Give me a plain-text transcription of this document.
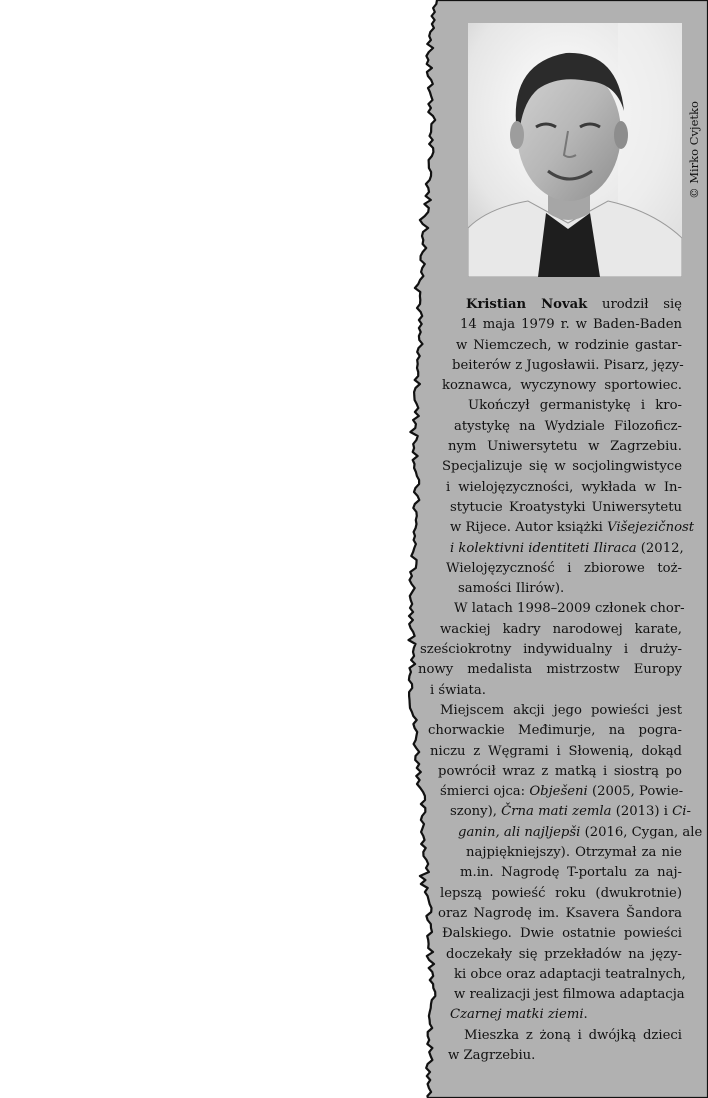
© Mirko Cvjetko
Kristian Novak urodził się
14 maja 1979 r. w Baden-Baden
w Niemczech, w rodzinie gastar-
beiterów z Jugosławii. Pisarz, języ-
koznawca, wyczynowy sportowiec.
Ukończył germanistykę i kro-
atystykę na Wydziale Filozoficz-
nym Uniwersytetu w Zagrzebiu.
Specjalizuje się w socjolingwistyce
i wielojęzyczności, wykłada w In-
stytucie Kroatystyki Uniwersytetu
w Rijece. Autor książki Višejezičnost
i kolektivni identiteti Iliraca (2012,
Wielojęzyczność i zbiorowe toż-
samości Ilirów).
W latach 1998–2009 członek chor-
wackiej kadry narodowej karate,
sześciokrotny indywidualny i druży-
nowy medalista mistrzostw Europy
i świata.
Miejscem akcji jego powieści jest
chorwackie Međimurje, na pogra-
niczu z Węgrami i Słowenią, dokąd
powrócił wraz z matką i siostrą po
śmierci ojca: Obješeni (2005, Powie-
szony), Črna mati zemla (2013) i Ci-
ganin, ali najljepši (2016, Cygan, ale
najpiękniejszy). Otrzymał za nie
m.in. Nagrodę T-portalu za naj-
lepszą powieść roku (dwukrotnie)
oraz Nagrodę im. Ksavera Šandora
Đalskiego. Dwie ostatnie powieści
doczekały się przekładów na języ-
ki obce oraz adaptacji teatralnych,
w realizacji jest filmowa adaptacja
Czarnej matki ziemi.
Mieszka z żoną i dwójką dzieci
w Zagrzebiu.
